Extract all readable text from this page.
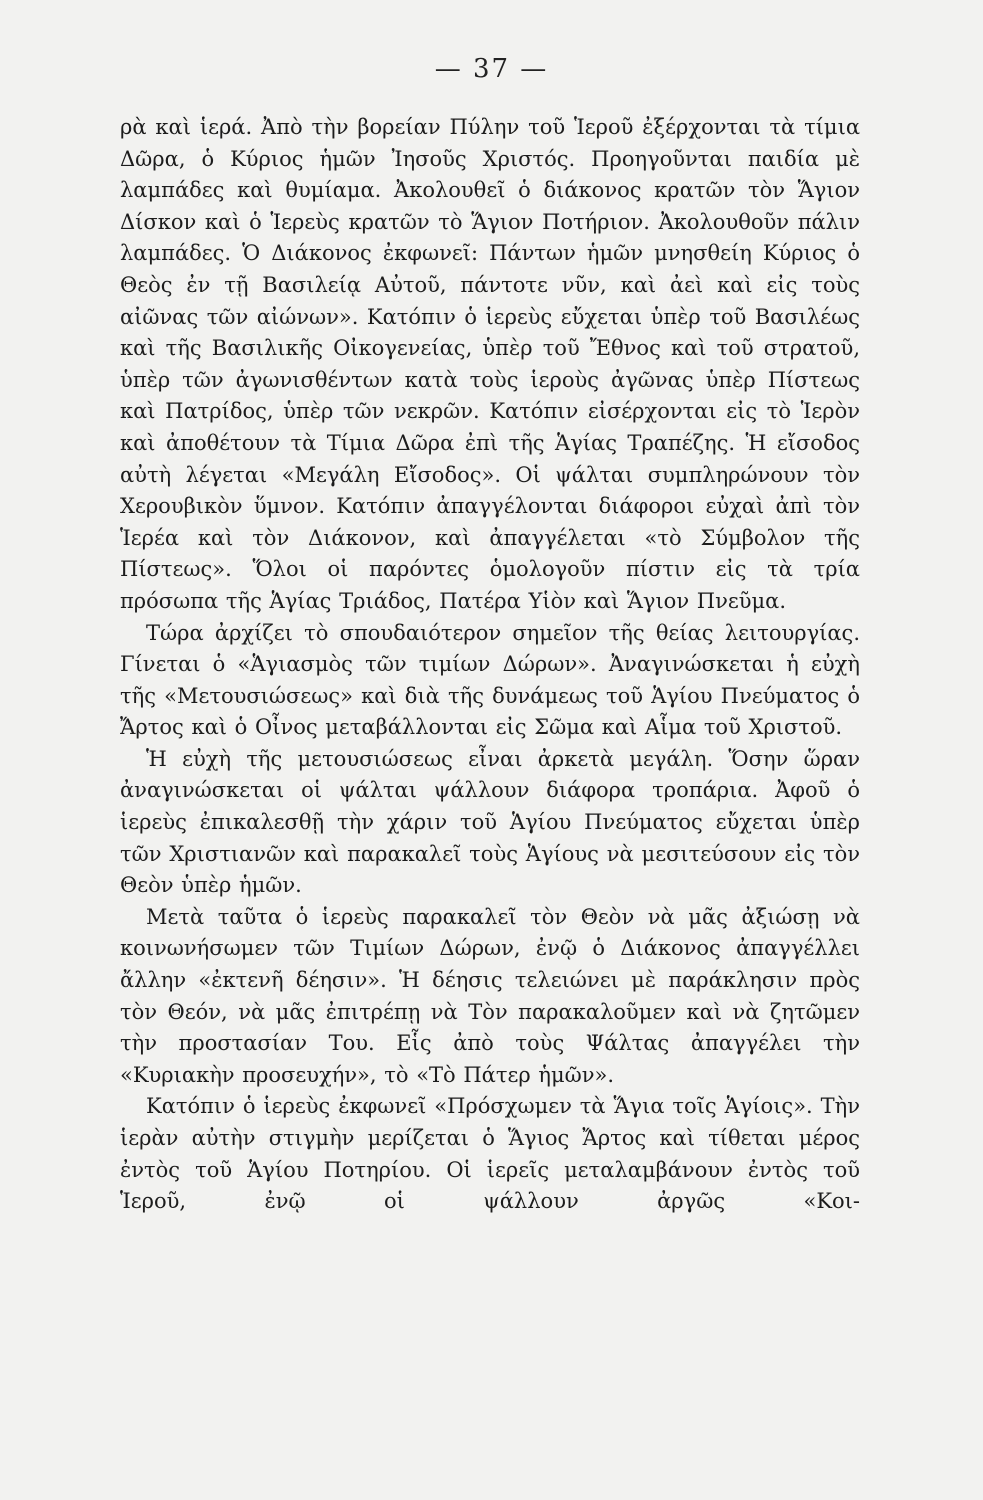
— 37 —

ρὰ καὶ ἱερά. Ἀπὸ τὴν βορείαν Πύλην τοῦ Ἱεροῦ ἐξέρχονται τὰ τίμια Δῶρα, ὁ Κύριος ἡμῶν Ἰησοῦς Χριστός. Προηγοῦνται παιδία μὲ λαμπάδες καὶ θυμίαμα. Ἀκολουθεῖ ὁ διάκονος κρατῶν τὸν Ἅγιον Δίσκον καὶ ὁ Ἱερεὺς κρατῶν τὸ Ἅγιον Ποτήριον. Ἀκολουθοῦν πάλιν λαμπάδες. Ὁ Διάκονος ἐκφωνεῖ: Πάντων ἡμῶν μνησθείη Κύριος ὁ Θεὸς ἐν τῇ Βασιλείᾳ Αὐτοῦ, πάντοτε νῦν, καὶ ἀεὶ καὶ εἰς τοὺς αἰῶνας τῶν αἰώνων». Κατόπιν ὁ ἱερεὺς εὔχεται ὑπὲρ τοῦ Βασιλέως καὶ τῆς Βασιλικῆς Οἰκογενείας, ὑπὲρ τοῦ Ἔθνος καὶ τοῦ στρατοῦ, ὑπὲρ τῶν ἀγωνισθέντων κατὰ τοὺς ἱεροὺς ἀγῶνας ὑπὲρ Πίστεως καὶ Πατρίδος, ὑπὲρ τῶν νεκρῶν. Κατόπιν εἰσέρχονται εἰς τὸ Ἱερὸν καὶ ἀποθέτουν τὰ Τίμια Δῶρα ἐπὶ τῆς Ἁγίας Τραπέζης. Ἡ εἴσοδος αὐτὴ λέγεται «Μεγάλη Εἴσοδος». Οἱ ψάλται συμπληρώνουν τὸν Χερουβικὸν ὕμνον. Κατόπιν ἀπαγγέλονται διάφοροι εὐχαὶ ἀπὶ τὸν Ἱερέα καὶ τὸν Διάκονον, καὶ ἀπαγγέλεται «τὸ Σύμβολον τῆς Πίστεως». Ὅλοι οἱ παρόντες ὁμολογοῦν πίστιν εἰς τὰ τρία πρόσωπα τῆς Ἁγίας Τριάδος, Πατέρα Υἱὸν καὶ Ἅγιον Πνεῦμα.

Τώρα ἀρχίζει τὸ σπουδαιότερον σημεῖον τῆς θείας λειτουργίας. Γίνεται ὁ «Ἁγιασμὸς τῶν τιμίων Δώρων». Ἀναγινώσκεται ἡ εὐχὴ τῆς «Μετουσιώσεως» καὶ διὰ τῆς δυνάμεως τοῦ Ἁγίου Πνεύματος ὁ Ἄρτος καὶ ὁ Οἶνος μεταβάλλονται εἰς Σῶμα καὶ Αἷμα τοῦ Χριστοῦ.

Ἡ εὐχὴ τῆς μετουσιώσεως εἶναι ἀρκετὰ μεγάλη. Ὅσην ὥραν ἀναγινώσκεται οἱ ψάλται ψάλλουν διάφορα τροπάρια. Ἀφοῦ ὁ ἱερεὺς ἐπικαλεσθῇ τὴν χάριν τοῦ Ἁγίου Πνεύματος εὔχεται ὑπὲρ τῶν Χριστιανῶν καὶ παρακαλεῖ τοὺς Ἁγίους νὰ μεσιτεύσουν εἰς τὸν Θεὸν ὑπὲρ ἡμῶν.

Μετὰ ταῦτα ὁ ἱερεὺς παρακαλεῖ τὸν Θεὸν νὰ μᾶς ἀξιώσῃ νὰ κοινωνήσωμεν τῶν Τιμίων Δώρων, ἐνῷ ὁ Διάκονος ἀπαγγέλλει ἄλλην «ἐκτενῆ δέησιν». Ἡ δέησις τελειώνει μὲ παράκλησιν πρὸς τὸν Θεόν, νὰ μᾶς ἐπιτρέπῃ νὰ Τὸν παρακαλοῦμεν καὶ νὰ ζητῶμεν τὴν προστασίαν Του. Εἷς ἀπὸ τοὺς Ψάλτας ἀπαγγέλει τὴν «Κυριακὴν προσευχήν», τὸ «Τὸ Πάτερ ἡμῶν».

Κατόπιν ὁ ἱερεὺς ἐκφωνεῖ «Πρόσχωμεν τὰ Ἅγια τοῖς Ἁγίοις». Τὴν ἱερὰν αὐτὴν στιγμὴν μερίζεται ὁ Ἅγιος Ἄρτος καὶ τίθεται μέρος ἐντὸς τοῦ Ἁγίου Ποτηρίου. Οἱ ἱερεῖς μεταλαμβάνουν ἐντὸς τοῦ Ἱεροῦ, ἐνῷ οἱ ψάλλουν ἀργῶς «Κοι-
